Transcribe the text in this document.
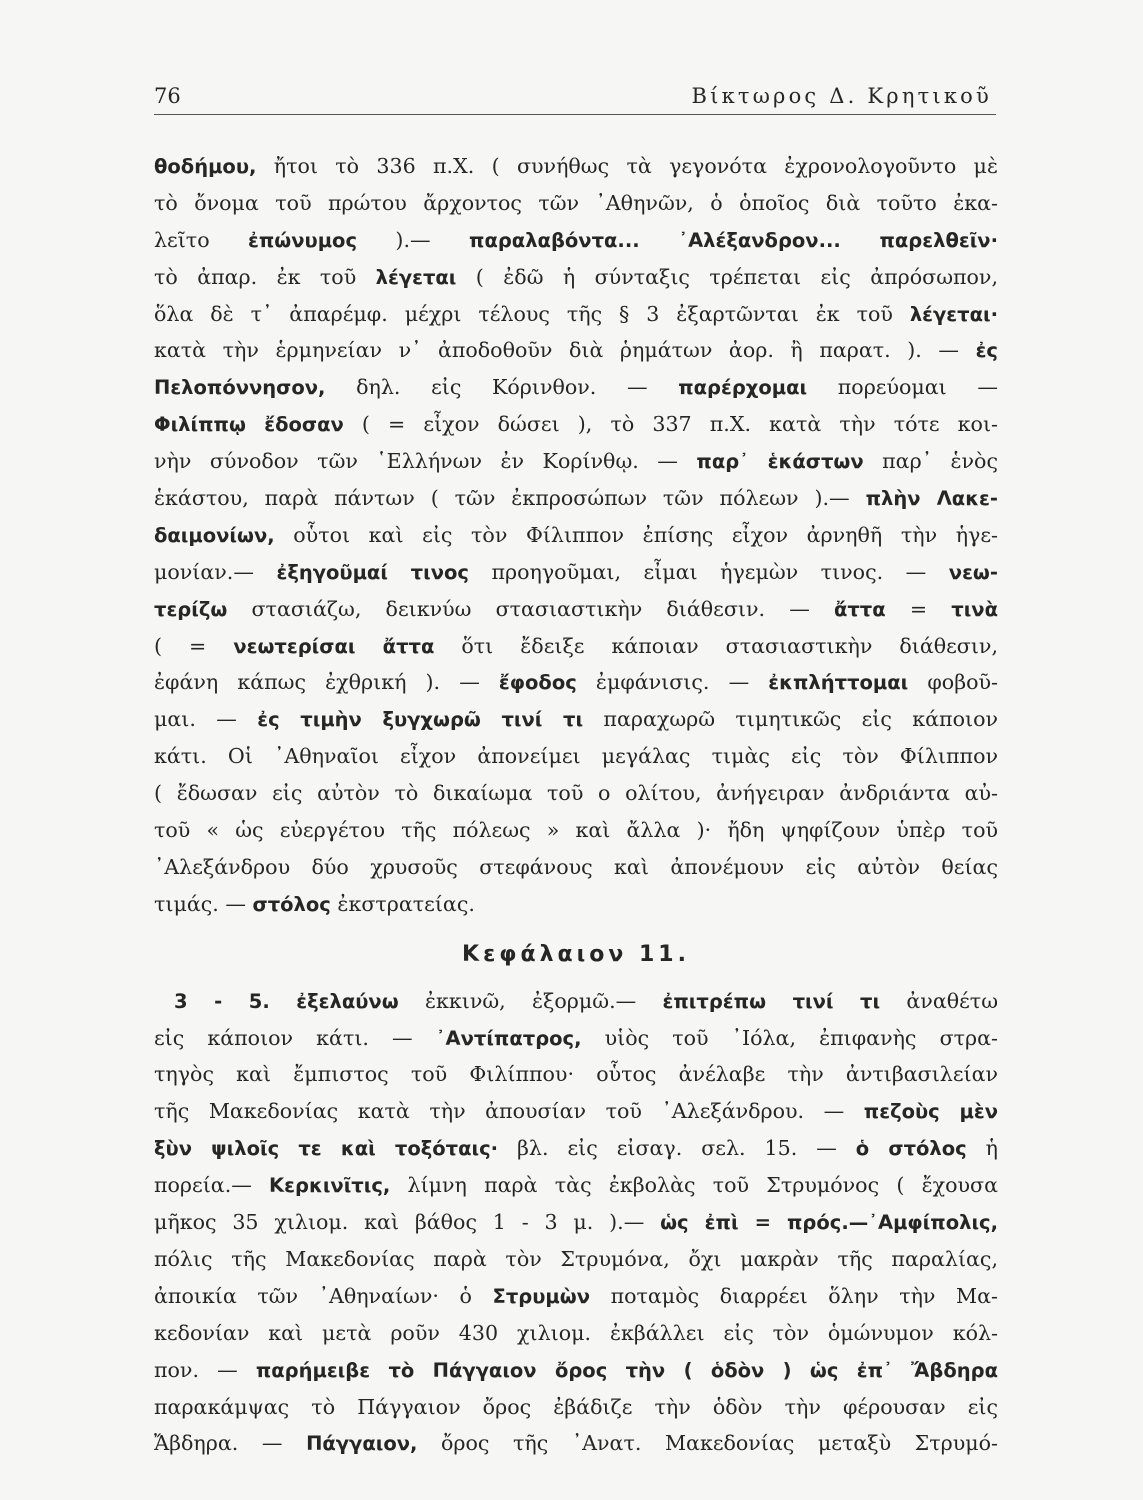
76	Βίκτωρος Δ. Κρητικοῦ
θοδήμου, ἤτοι τὸ 336 π.Χ. ( συνήθως τὰ γεγονότα ἐχρονολογοῦντο μὲ
τὸ ὄνομα τοῦ πρώτου ἄρχοντος τῶν ᾿Αθηνῶν, ὁ ὁποῖος διὰ τοῦτο ἐκα-
λεῖτο ἐπώνυμος ).— παραλαβόντα... ᾿Αλέξανδρον... παρελθεῖν·
τὸ ἀπαρ. ἐκ τοῦ λέγεται ( ἐδῶ ἡ σύνταξις τρέπεται εἰς ἀπρόσωπον,
ὅλα δὲ τ᾿ ἀπαρέμφ. μέχρι τέλους τῆς § 3 ἐξαρτῶνται ἐκ τοῦ λέγεται·
κατὰ τὴν ἑρμηνείαν ν᾿ ἀποδοθοῦν διὰ ῥημάτων ἀορ. ἢ παρατ. ). — ἐς
Πελοπόννησον, δηλ. εἰς Κόρινθον. — παρέρχομαι πορεύομαι —
Φιλίππῳ ἔδοσαν ( = εἶχον δώσει ), τὸ 337 π.Χ. κατὰ τὴν τότε κοι-
νὴν σύνοδον τῶν ῾Ελλήνων ἐν Κορίνθῳ. — παρ᾿ ἑκάστων παρ᾿ ἑνὸς
ἑκάστου, παρὰ πάντων ( τῶν ἐκπροσώπων τῶν πόλεων ).— πλὴν Λακε-
δαιμονίων, οὗτοι καὶ εἰς τὸν Φίλιππον ἐπίσης εἶχον ἀρνηθῆ τὴν ἡγε-
μονίαν.— ἐξηγοῦμαί τινος προηγοῦμαι, εἶμαι ἡγεμὼν τινος. — νεω-
τερίζω στασιάζω, δεικνύω στασιαστικὴν διάθεσιν. — ἄττα = τινὰ
( = νεωτερίσαι ἄττα ὅτι ἔδειξε κάποιαν στασιαστικὴν διάθεσιν,
ἐφάνη κάπως ἐχθρική ). — ἔφοδος ἐμφάνισις. — ἐκπλήττομαι φοβοῦ-
μαι. — ἐς τιμὴν ξυγχωρῶ τινί τι παραχωρῶ τιμητικῶς εἰς κάποιον
κάτι. Οἱ ᾿Αθηναῖοι εἶχον ἀπονείμει μεγάλας τιμὰς εἰς τὸν Φίλιππον
( ἔδωσαν εἰς αὐτὸν τὸ δικαίωμα τοῦ ο ολίτου, ἀνήγειραν ἀνδριάντα αὐ-
τοῦ « ὡς εὐεργέτου τῆς πόλεως » καὶ ἄλλα )· ἤδη ψηφίζουν ὑπὲρ τοῦ
᾿Αλεξάνδρου δύο χρυσοῦς στεφάνους καὶ ἀπονέμουν εἰς αὐτὸν θείας
τιμάς. — στόλος ἐκστρατείας.
Κεφάλαιον 11.
3 - 5. ἐξελαύνω ἐκκινῶ, ἐξορμῶ.— ἐπιτρέπω τινί τι ἀναθέτω
εἰς κάποιον κάτι. — ᾿Αντίπατρος, υἱὸς τοῦ ᾿Ιόλα, ἐπιφανὴς στρα-
τηγὸς καὶ ἔμπιστος τοῦ Φιλίππου· οὗτος ἀνέλαβε τὴν ἀντιβασιλείαν
τῆς Μακεδονίας κατὰ τὴν ἀπουσίαν τοῦ ᾿Αλεξάνδρου. — πεζοὺς μὲν
ξὺν ψιλοῖς τε καὶ τοξόταις· βλ. εἰς εἰσαγ. σελ. 15. — ὁ στόλος ἡ
πορεία.— Κερκινῖτις, λίμνη παρὰ τὰς ἐκβολὰς τοῦ Στρυμόνος ( ἔχουσα
μῆκος 35 χιλιομ. καὶ βάθος 1 - 3 μ. ).— ὡς ἐπὶ = πρός.—᾿Αμφίπολις,
πόλις τῆς Μακεδονίας παρὰ τὸν Στρυμόνα, ὄχι μακρὰν τῆς παραλίας,
ἀποικία τῶν ᾿Αθηναίων· ὁ Στρυμὼν ποταμὸς διαρρέει ὅλην τὴν Μα-
κεδονίαν καὶ μετὰ ροῦν 430 χιλιομ. ἐκβάλλει εἰς τὸν ὁμώνυμον κόλ-
πον. — παρήμειβε τὸ Πάγγαιον ὄρος τὴν ( ὁδὸν ) ὡς ἐπ᾿ Ἄβδηρα
παρακάμψας τὸ Πάγγαιον ὄρος ἐβάδιζε τὴν ὁδὸν τὴν φέρουσαν εἰς
Ἄβδηρα. — Πάγγαιον, ὄρος τῆς ᾿Ανατ. Μακεδονίας μεταξὺ Στρυμό-
